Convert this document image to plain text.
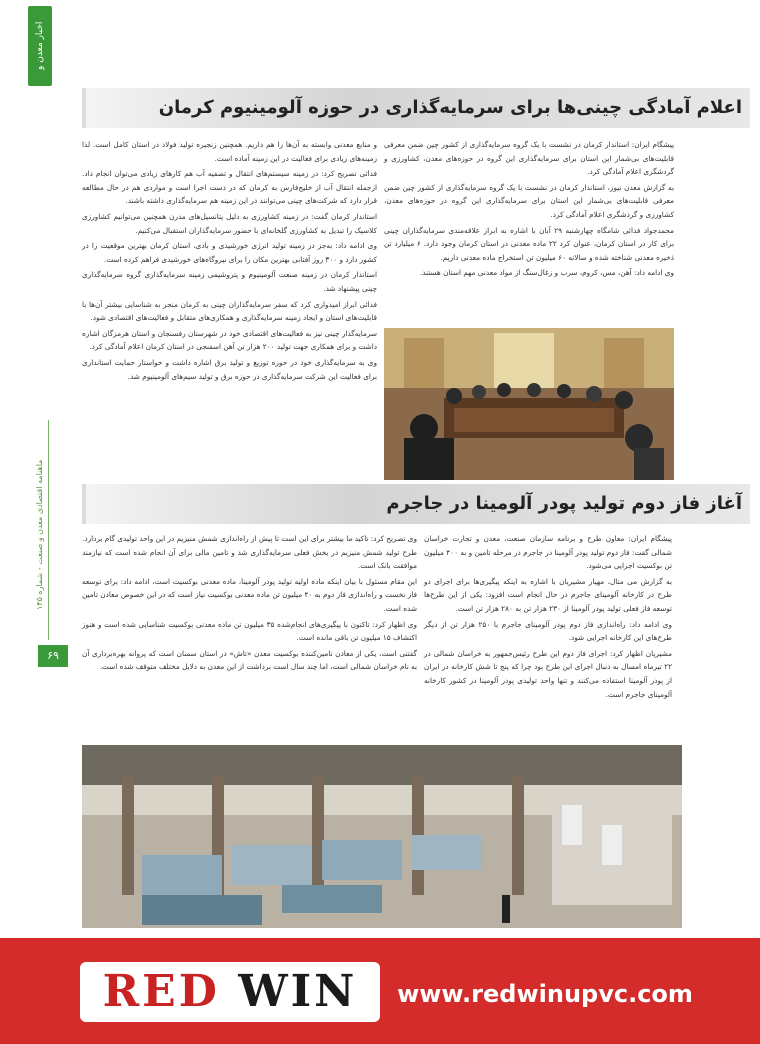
اخبار معدن و صنعت
ماهنامه اقتصادی معدن و صنعت - شماره ۱۴۵
۶۹
اعلام آمادگی چینی‌ها برای سرمایه‌گذاری در حوزه آلومینیوم کرمان

پیشگام ایران: استاندار کرمان در نشست با یک گروه سرمایه‌گذاری از کشور چین ضمن معرفی قابلیت‌های بی‌شمار این استان برای سرمایه‌گذاری این گروه در حوزه‌های معدن، کشاورزی و گردشگری اعلام آمادگی کرد.

به گزارش معدن نیوز، استاندار کرمان در نشست با یک گروه سرمایه‌گذاری از کشور چین ضمن معرفی قابلیت‌های بی‌شمار این استان برای سرمایه‌گذاری این گروه در حوزه‌های معدن، کشاورزی و گردشگری اعلام آمادگی کرد.

محمدجواد فدائی شامگاه چهارشنبه ۲۹ آبان با اشاره به ابراز علاقه‌مندی سرمایه‌گذاران چینی برای کار در استان کرمان، عنوان کرد ۲۲ ماده معدنی در استان کرمان وجود دارد. ۶ میلیارد تن ذخیره معدنی شناخته شده و سالانه ۶۰ میلیون تن استخراج ماده معدنی داریم.

وی ادامه داد: آهن، مس، کروم، سرب و زغال‌سنگ از مواد معدنی مهم استان هستند.

و منابع معدنی وابسته به آن‌ها را هم داریم. همچنین زنجیره تولید فولاد در استان کامل است. لذا زمینه‌های زیادی برای فعالیت در این زمینه آماده است.

فدائی تصریح کرد: در زمینه سیستم‌های انتقال و تصفیه آب هم کارهای زیادی می‌توان انجام داد. ازجمله انتقال آب از خلیج‌فارس به کرمان که در دست اجرا است و مواردی هم در حال مطالعه قرار دارد که شرکت‌های چینی می‌توانند در این زمینه هم سرمایه‌گذاری داشته باشند.

استاندار کرمان گفت: در زمینه کشاورزی به دلیل پتانسیل‌های مدرن همچنین می‌توانیم کشاورزی کلاسیک را تبدیل به کشاورزی گلخانه‌ای با حضور سرمایه‌گذاران استقبال می‌کنیم.

وی ادامه داد: به‌جز در زمینه تولید انرژی خورشیدی و بادی، استان کرمان بهترین موقعیت را در کشور دارد و ۳۰۰ روز آفتابی بهترین مکان را برای نیروگاه‌های خورشیدی فراهم کرده است.

استاندار کرمان در زمینه صنعت آلومینیوم و پتروشیمی زمینه سرمایه‌گذاری گروه سرمایه‌گذاری چینی پیشنهاد شد.

فدائی ابراز امیدواری کرد که سفر سرمایه‌گذاران چینی به کرمان منجر به شناسایی بیشتر آن‌ها با قابلیت‌های استان و ایجاد زمینه سرمایه‌گذاری و همکاری‌های متقابل و فعالیت‌های اقتصادی شود.

سرمایه‌گذار چینی نیز به فعالیت‌های اقتصادی خود در شهرستان رفسنجان و استان هرمزگان اشاره داشت و برای همکاری جهت تولید ۲۰۰ هزار تن آهن اسفنجی در استان کرمان اعلام آمادگی کرد.

وی به سرمایه‌گذاری خود در حوزه توزیع و تولید برق اشاره داشت و خواستار حمایت استانداری برای فعالیت این شرکت سرمایه‌گذاری در حوزه برق و تولید سیم‌های آلومینیوم شد.

آغاز فاز دوم تولید پودر آلومینا در جاجرم

پیشگام ایران: معاون طرح و برنامه سازمان صنعت، معدن و تجارت خراسان شمالی گفت: فاز دوم تولید پودر آلومینا در جاجرم در مرحله تامین و به ۴۰۰ میلیون تن بوکسیت اجرایی می‌شود.

به گزارش می متال، مهیار مشیریان با اشاره به اینکه پیگیری‌ها برای اجرای دو طرح در کارخانه آلومینای جاجرم در حال انجام است افزود: یکی از این طرح‌ها توسعه فاز فعلی تولید پودر آلومینا از ۲۳۰ هزار تن به ۲۸۰ هزار تن است.

وی ادامه داد: راه‌اندازی فاز دوم پودر آلومینای جاجرم با ۲۵۰ هزار تن از دیگر طرح‌های این کارخانه اجرایی شود.

مشیریان اظهار کرد: اجرای فاز دوم این طرح رئیس‌جمهور به خراسان شمالی در ۲۲ تیرماه امسال به دنبال اجرای این طرح بود چرا که پنج تا شش کارخانه در ایران از پودر آلومینا استفاده می‌کنند و تنها واحد تولیدی پودر آلومینا در کشور کارخانه آلومینای جاجرم است.

وی تصریح کرد: تاکید ما بیشتر برای این است تا پیش از راه‌اندازی شمش منیزیم در این واحد تولیدی گام بردارد. طرح تولید شمش منیزیم در بخش فعلی سرمایه‌گذاری شد و تامین مالی برای آن انجام شده است که نیازمند موافقت بانک است.

این مقام مسئول با بیان اینکه ماده اولیه تولید پودر آلومینا، ماده معدنی بوکسیت است، ادامه داد: برای توسعه فاز نخست و راه‌اندازی فاز دوم به ۴۰ میلیون تن ماده معدنی بوکسیت نیاز است که در این خصوص معادن تامین شده است.

وی اظهار کرد: تاکنون با پیگیری‌های انجام‌شده ۳۵ میلیون تن ماده معدنی بوکسیت شناسایی شده است و هنوز اکتشاف ۱۵ میلیون تن باقی مانده است.

گفتنی است، یکی از معادن تامین‌کننده بوکسیت معدن «تاش» در استان سمنان است که پروانه بهره‌برداری آن به نام خراسان شمالی است، اما چند سال است برداشت از این معدن به دلایل مختلف متوقف شده است.

RED WIN	www.redwinupvc.com
